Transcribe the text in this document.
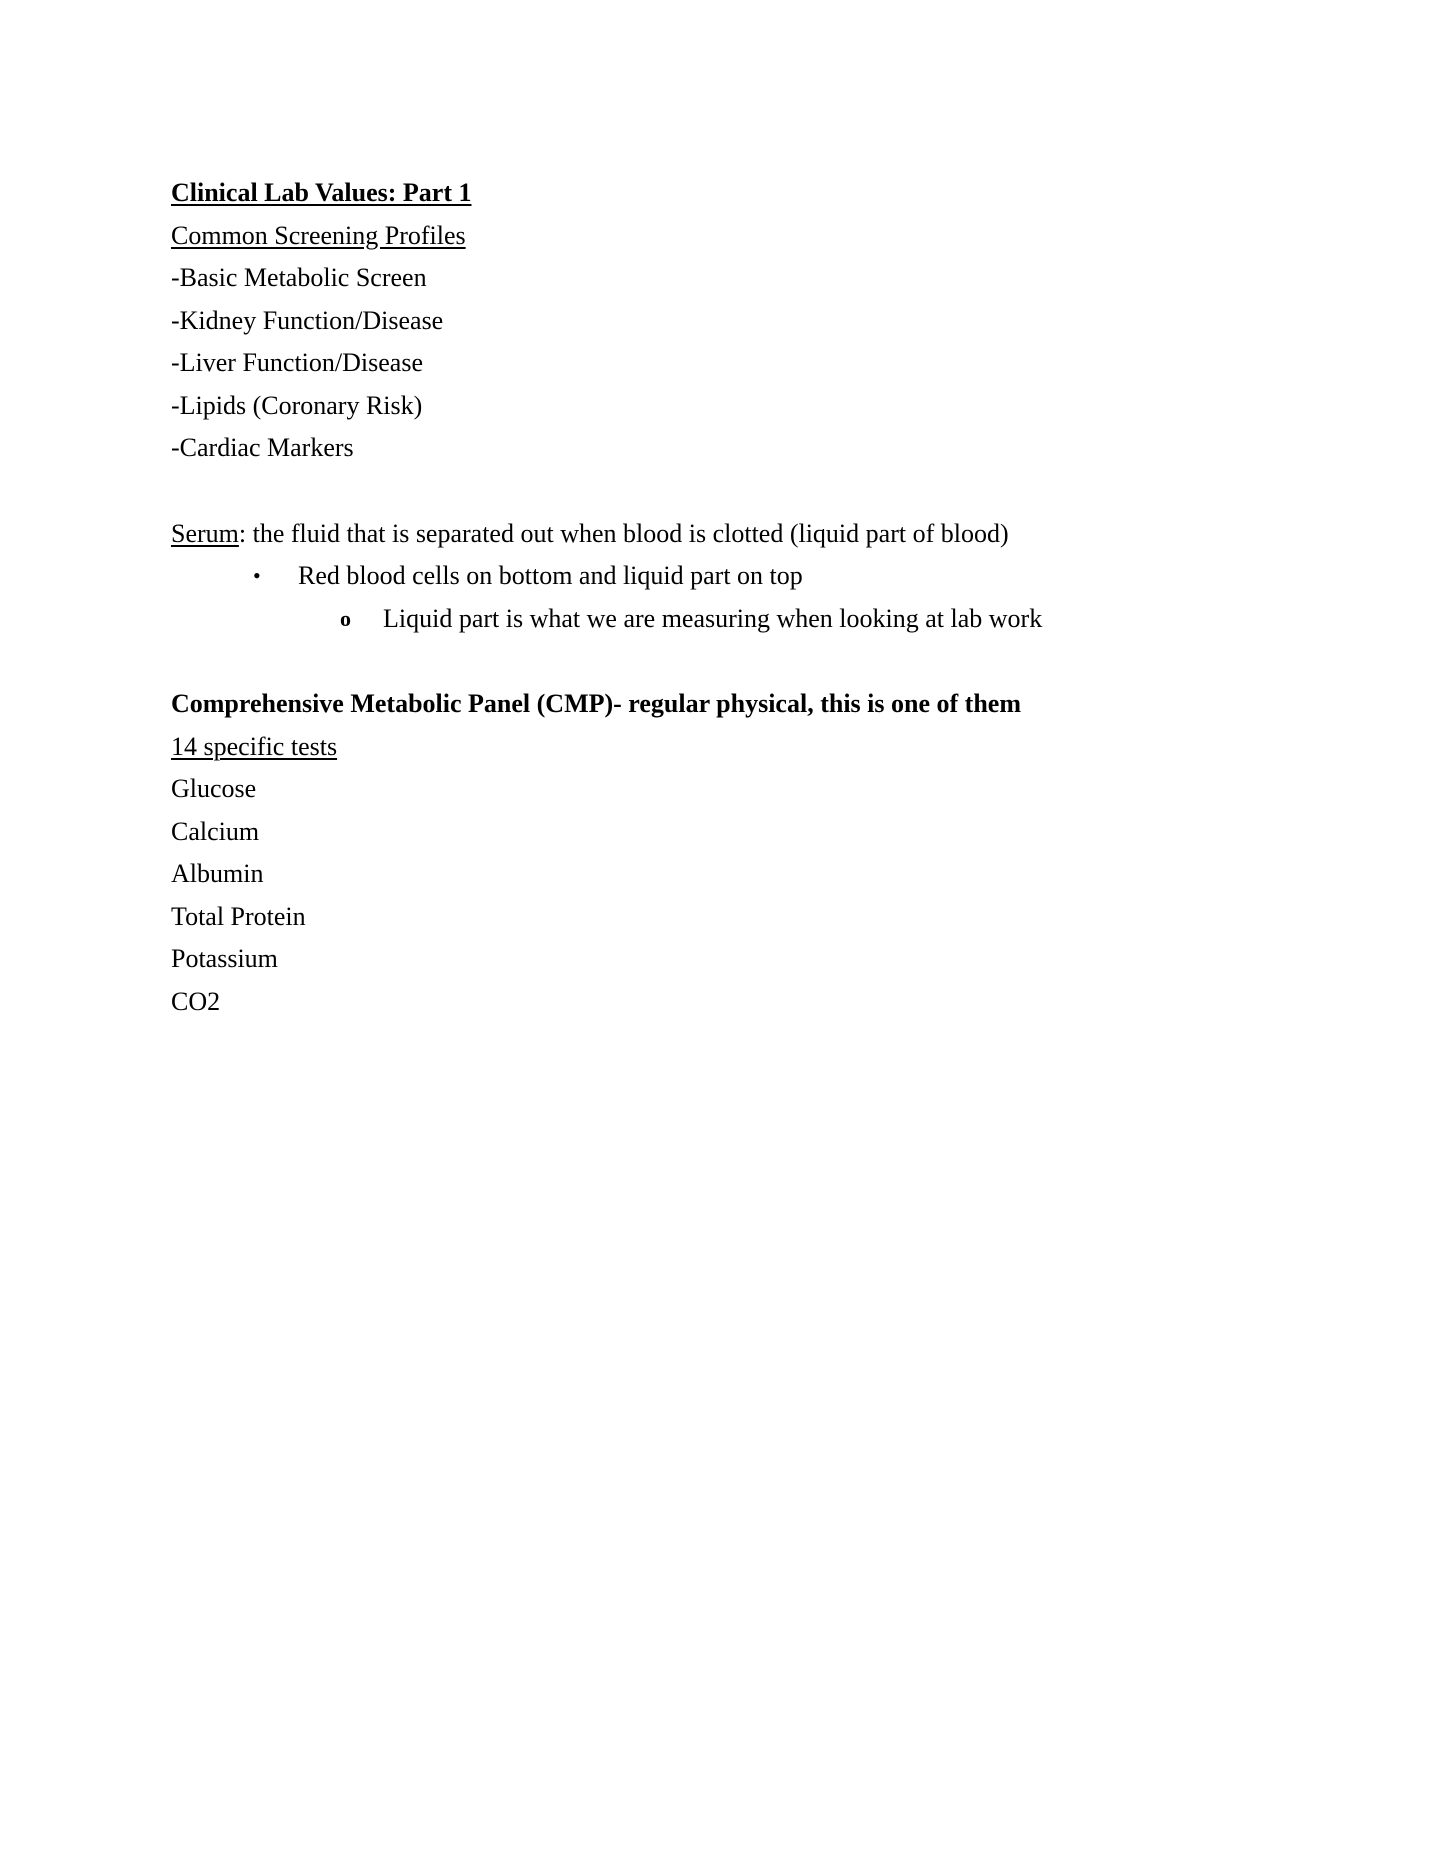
Clinical Lab Values: Part 1
Common Screening Profiles
-Basic Metabolic Screen
-Kidney Function/Disease
-Liver Function/Disease
-Lipids (Coronary Risk)
-Cardiac Markers
Serum: the fluid that is separated out when blood is clotted (liquid part of blood)
• Red blood cells on bottom and liquid part on top
o Liquid part is what we are measuring when looking at lab work
Comprehensive Metabolic Panel (CMP)- regular physical, this is one of them
14 specific tests
Glucose
Calcium
Albumin
Total Protein
Potassium
CO2
